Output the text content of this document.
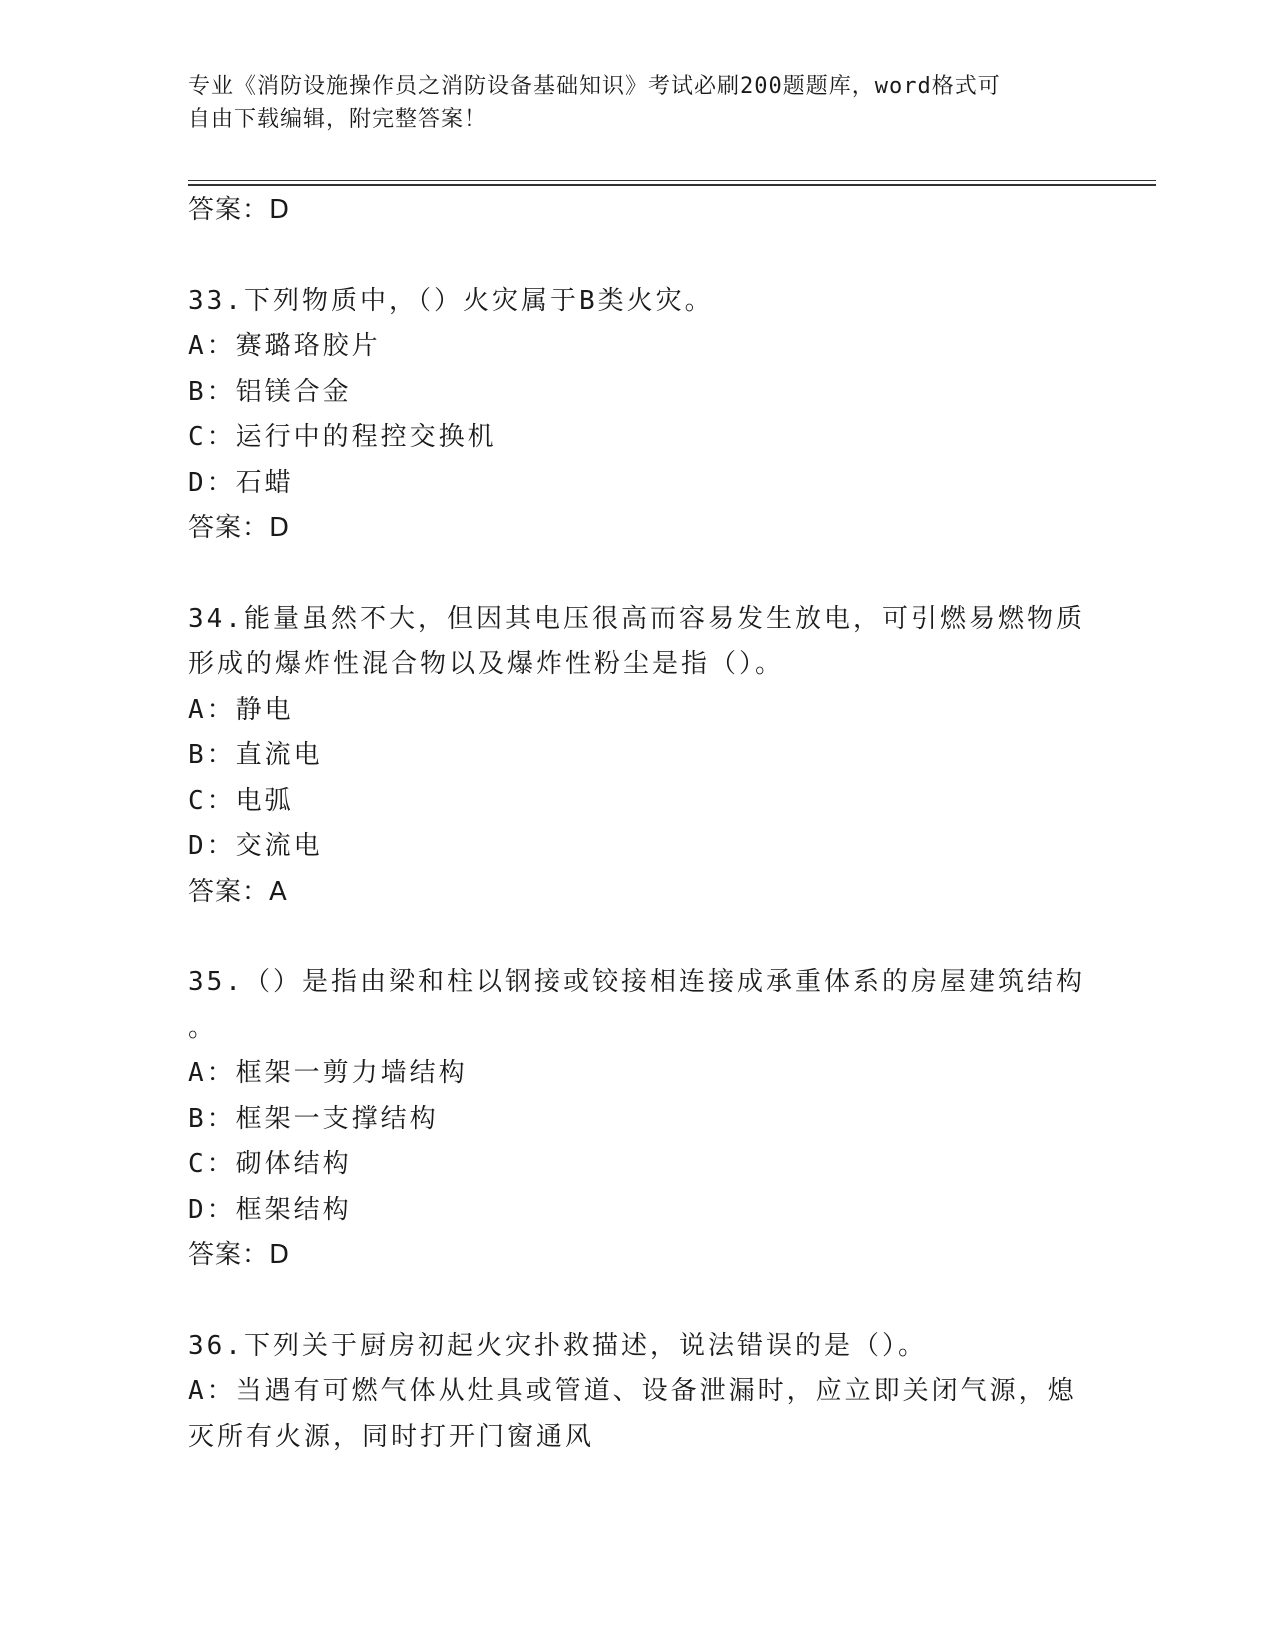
专业《消防设施操作员之消防设备基础知识》考试必刷200题题库，word格式可

自由下载编辑，附完整答案！

答案：D

33.下列物质中，（）火灾属于B类火灾。

A：赛璐珞胶片

B：铝镁合金

C：运行中的程控交换机

D：石蜡

答案：D

34.能量虽然不大，但因其电压很高而容易发生放电，可引燃易燃物质

形成的爆炸性混合物以及爆炸性粉尘是指（）。

A：静电

B：直流电

C：电弧

D：交流电

答案：A

35.（）是指由梁和柱以钢接或铰接相连接成承重体系的房屋建筑结构

。

A：框架一剪力墙结构

B：框架一支撑结构

C：砌体结构

D：框架结构

答案：D

36.下列关于厨房初起火灾扑救描述，说法错误的是（）。

A：当遇有可燃气体从灶具或管道、设备泄漏时，应立即关闭气源，熄

灭所有火源，同时打开门窗通风
